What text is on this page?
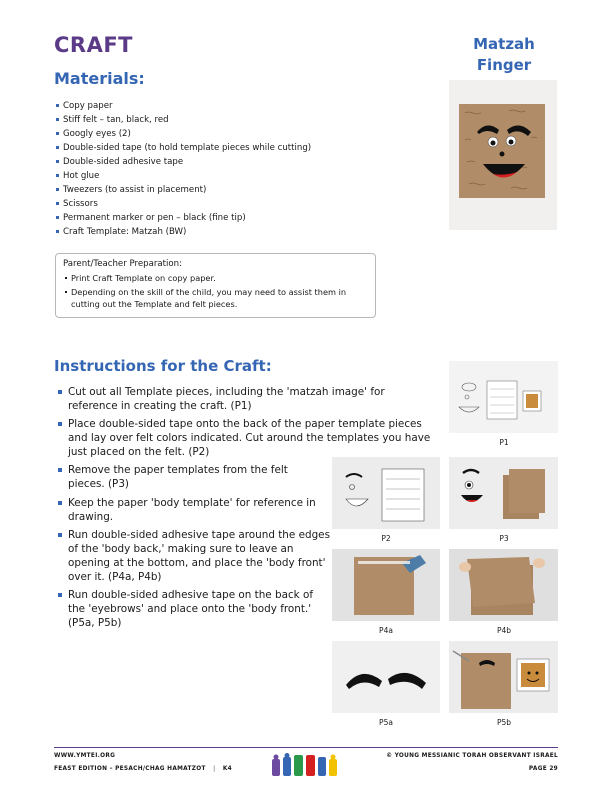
CRAFT
Materials:
Matzah
Finger
Copy paper
Stiff felt – tan, black, red
Googly eyes (2)
Double-sided tape (to hold template pieces while cutting)
Double-sided adhesive tape
Hot glue
Tweezers (to assist in placement)
Scissors
Permanent marker or pen – black (fine tip)
Craft Template: Matzah (BW)
Parent/Teacher Preparation:
Print Craft Template on copy paper.
Depending on the skill of the child, you may need to assist them in cutting out the Template and felt pieces.
Instructions for the Craft:
Cut out all Template pieces, including the 'matzah image' for reference in creating the craft. (P1)
Place double-sided tape onto the back of the paper template pieces and lay over felt colors indicated. Cut around the templates you have just placed on the felt. (P2)
Remove the paper templates from the felt pieces. (P3)
Keep the paper 'body template' for reference in drawing.
Run double-sided adhesive tape around the edges of the 'body back,' making sure to leave an opening at the bottom, and place the 'body front' over it. (P4a, P4b)
Run double-sided adhesive tape on the back of the 'eyebrows' and place onto the 'body front.' (P5a, P5b)
P1
P2	P3
P4a	P4b
P5a	P5b
WWW.YMTEI.ORG
FEAST EDITION – PESACH/CHAG HAMATZOT | K4
© YOUNG MESSIANIC TORAH OBSERVANT ISRAEL
PAGE 29
